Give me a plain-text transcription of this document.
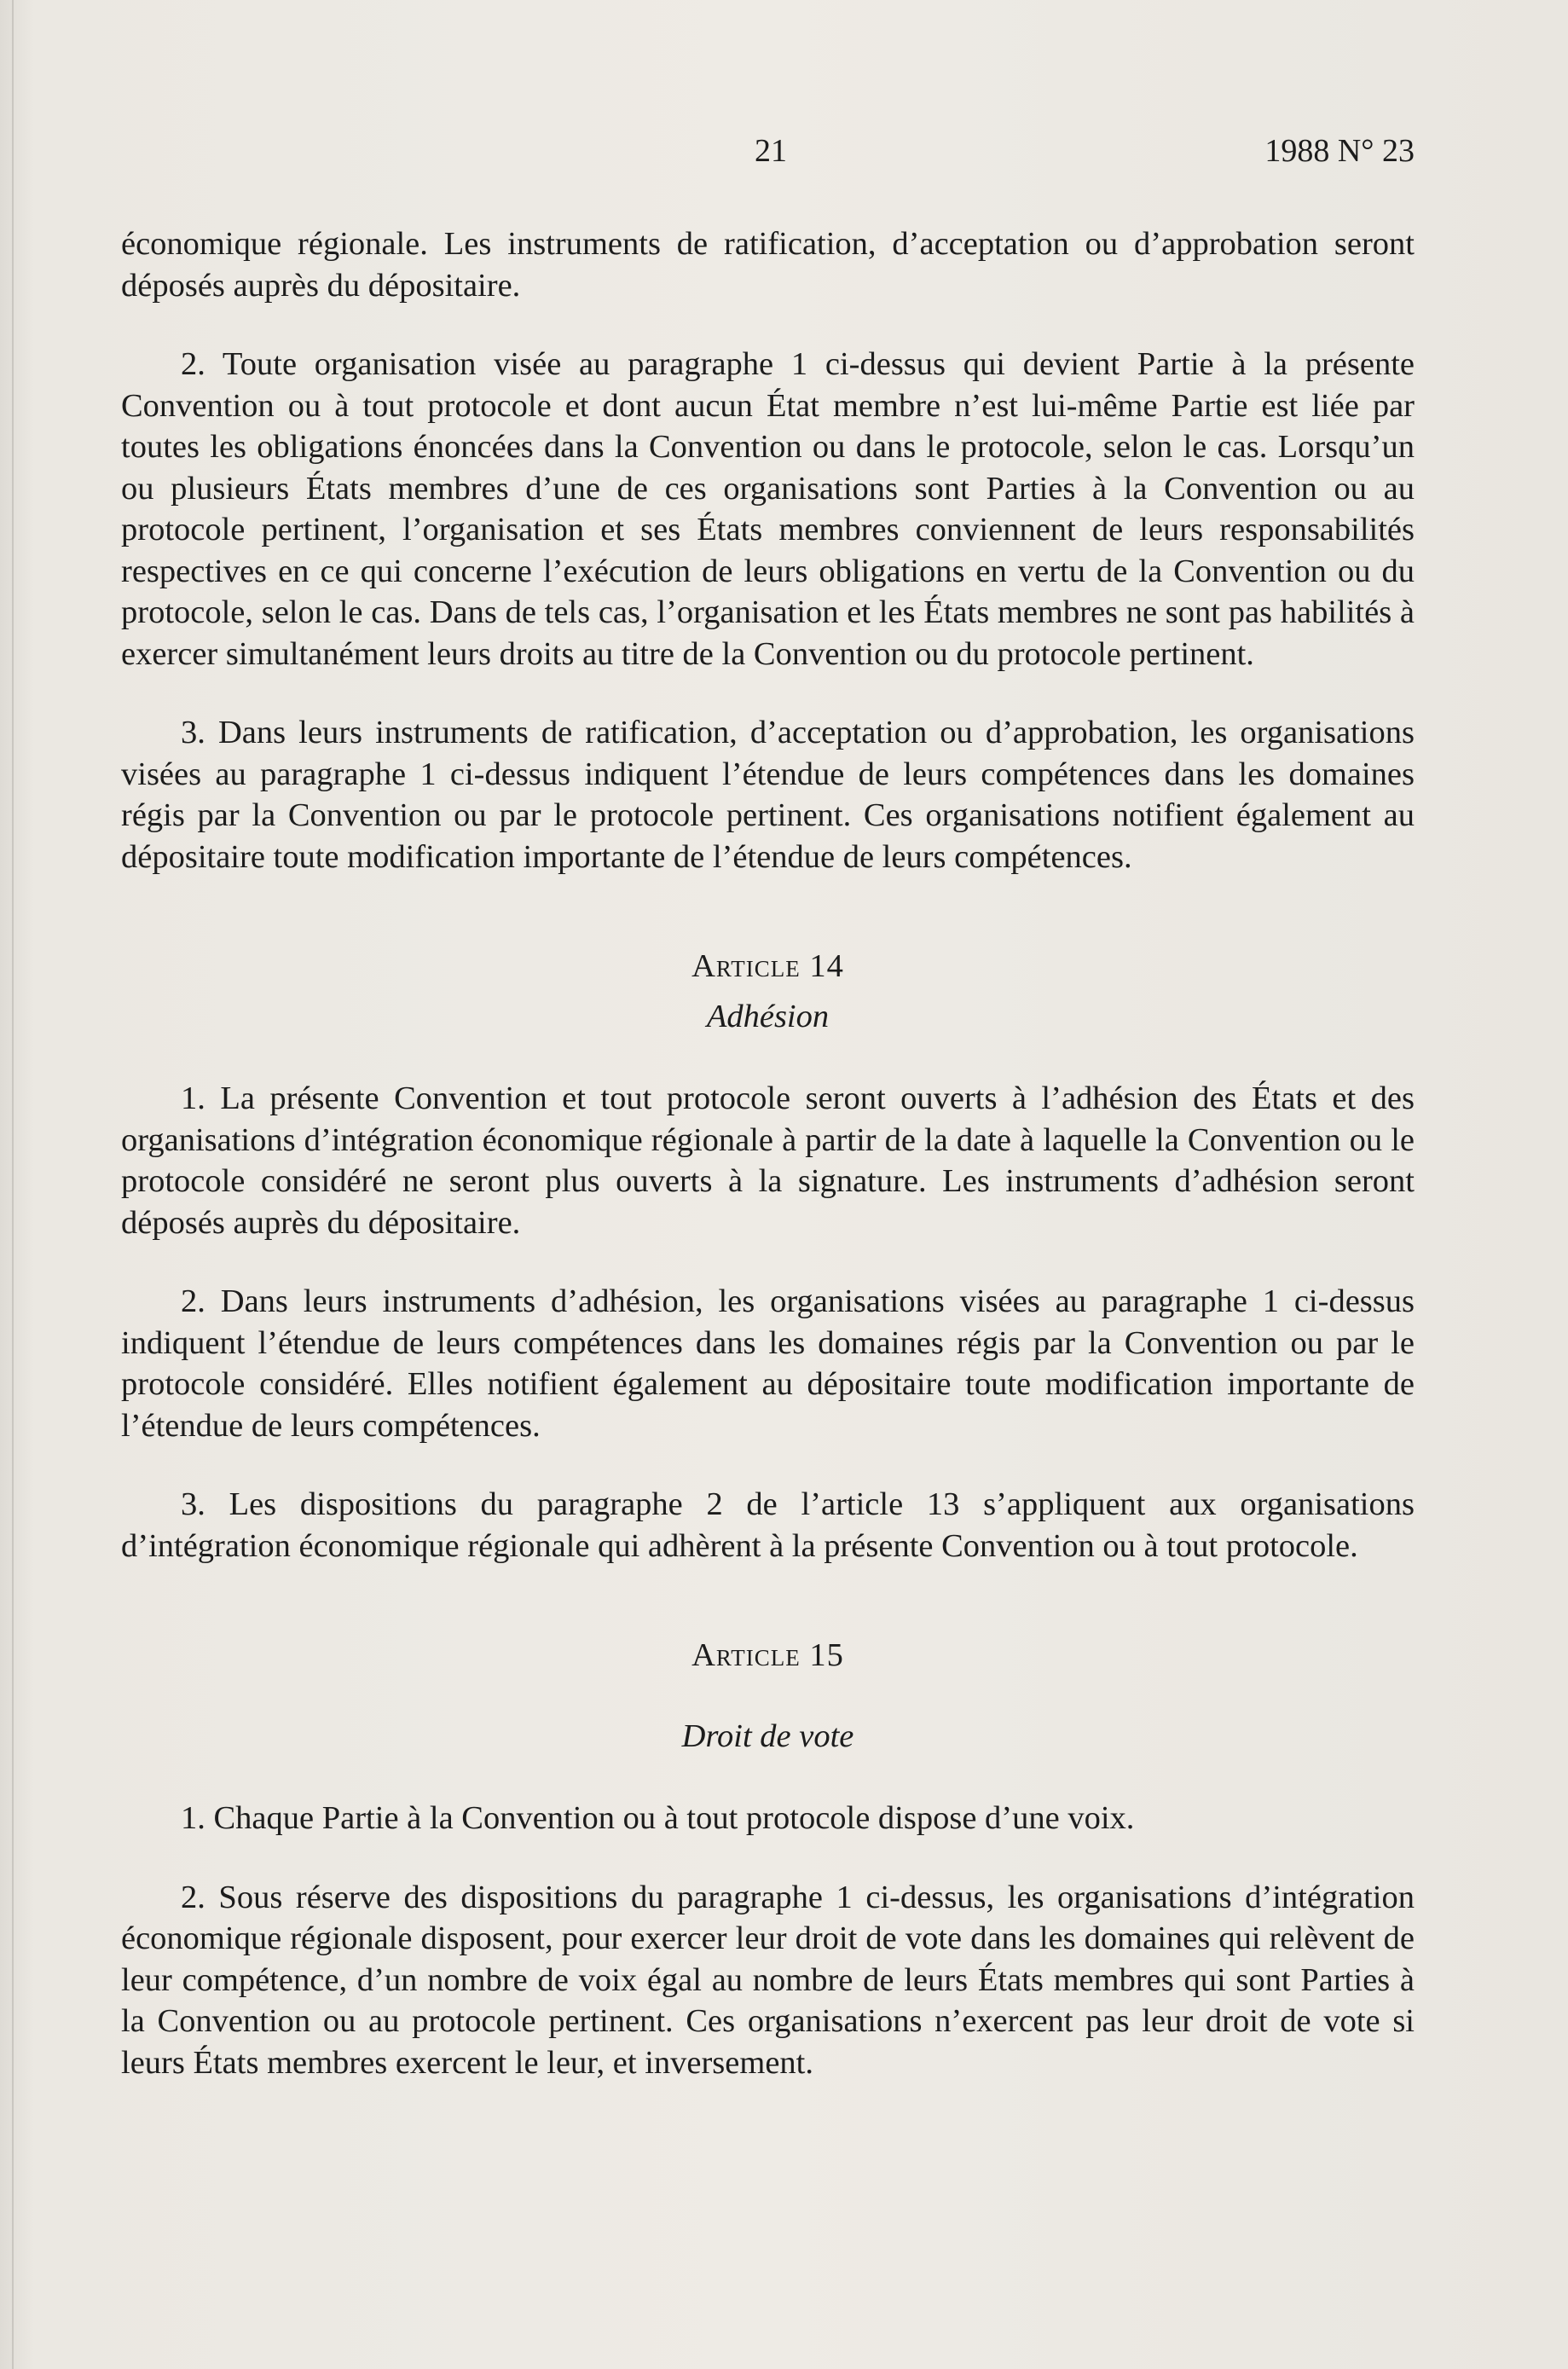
21	1988 N° 23

économique régionale. Les instruments de ratification, d’acceptation ou d’approbation seront déposés auprès du dépositaire.

2. Toute organisation visée au paragraphe 1 ci-dessus qui devient Partie à la présente Convention ou à tout protocole et dont aucun État membre n’est lui-même Partie est liée par toutes les obligations énoncées dans la Convention ou dans le protocole, selon le cas. Lorsqu’un ou plusieurs États membres d’une de ces organisations sont Parties à la Convention ou au protocole pertinent, l’organisation et ses États membres conviennent de leurs responsabilités respectives en ce qui concerne l’exécution de leurs obligations en vertu de la Convention ou du protocole, selon le cas. Dans de tels cas, l’organisation et les États membres ne sont pas habilités à exercer simultanément leurs droits au titre de la Convention ou du protocole pertinent.

3. Dans leurs instruments de ratification, d’acceptation ou d’approbation, les organisations visées au paragraphe 1 ci-dessus indiquent l’étendue de leurs compétences dans les domaines régis par la Convention ou par le protocole pertinent. Ces organisations notifient également au dépositaire toute modification importante de l’étendue de leurs compétences.

Article 14
Adhésion

1. La présente Convention et tout protocole seront ouverts à l’adhésion des États et des organisations d’intégration économique régionale à partir de la date à laquelle la Convention ou le protocole considéré ne seront plus ouverts à la signature. Les instruments d’adhésion seront déposés auprès du dépositaire.

2. Dans leurs instruments d’adhésion, les organisations visées au paragraphe 1 ci-dessus indiquent l’étendue de leurs compétences dans les domaines régis par la Convention ou par le protocole considéré. Elles notifient également au dépositaire toute modification importante de l’étendue de leurs compétences.

3. Les dispositions du paragraphe 2 de l’article 13 s’appliquent aux organisations d’intégration économique régionale qui adhèrent à la présente Convention ou à tout protocole.

Article 15
Droit de vote

1. Chaque Partie à la Convention ou à tout protocole dispose d’une voix.

2. Sous réserve des dispositions du paragraphe 1 ci-dessus, les organisations d’intégration économique régionale disposent, pour exercer leur droit de vote dans les domaines qui relèvent de leur compétence, d’un nombre de voix égal au nombre de leurs États membres qui sont Parties à la Convention ou au protocole pertinent. Ces organisations n’exercent pas leur droit de vote si leurs États membres exercent le leur, et inversement.
